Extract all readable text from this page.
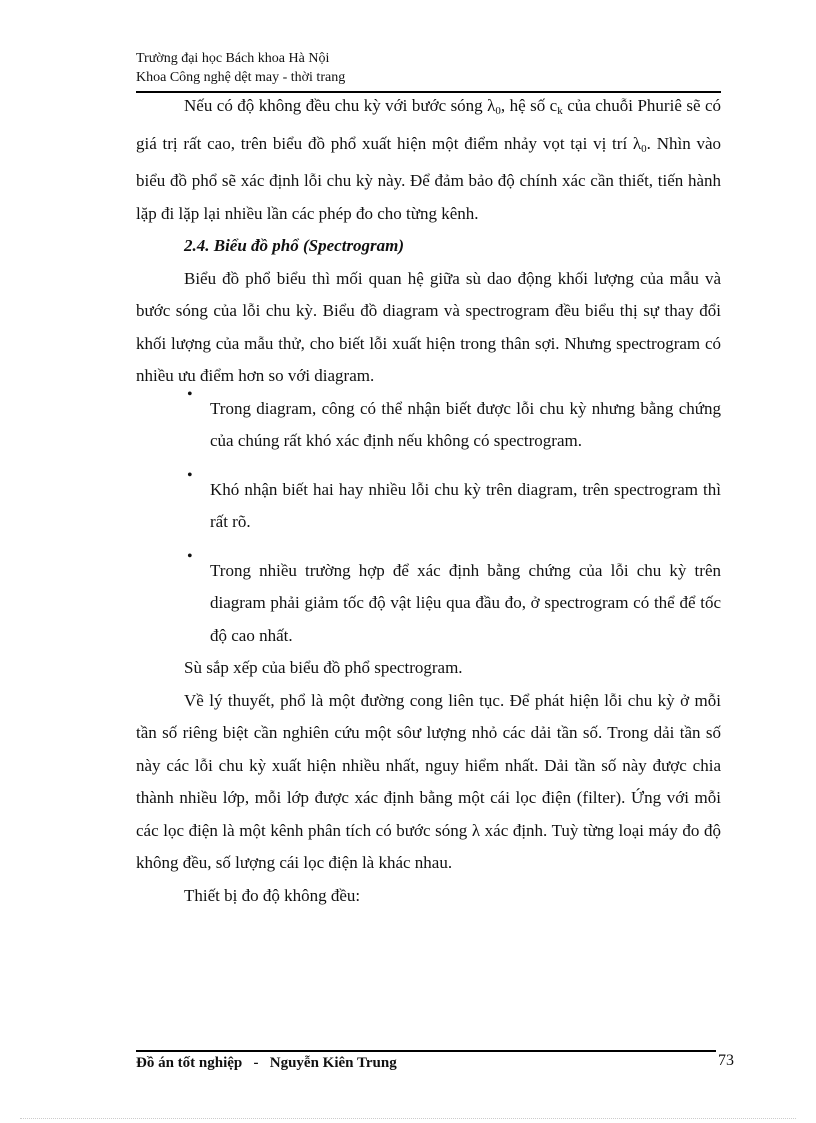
Trường đại học Bách khoa Hà Nội
Khoa Công nghệ dệt may - thời trang

Nếu có độ không đều chu kỳ với bước sóng $\lambda_0$, hệ số $c_k$ của chuỗi Phuriê sẽ có giá trị rất cao, trên biểu đồ phổ xuất hiện một điểm nhảy vọt tại vị trí $\lambda_0$. Nhìn vào biểu đồ phổ sẽ xác định lỗi chu kỳ này. Để đảm bảo độ chính xác cần thiết, tiến hành lặp đi lặp lại nhiều lần các phép đo cho từng kênh.

2.4. Biểu đồ phổ (Spectrogram)

Biểu đồ phổ biểu thì mối quan hệ giữa sù dao động khối lượng của mẫu và bước sóng của lỗi chu kỳ. Biểu đồ diagram và spectrogram đều biểu thị sự thay đổi khối lượng của mẫu thử, cho biết lỗi xuất hiện trong thân sợi. Nhưng spectrogram có nhiều ưu điểm hơn so với diagram.

•
Trong diagram, công có thể nhận biết được lỗi chu kỳ nhưng bằng chứng của chúng rất khó xác định nếu không có spectrogram.
•
Khó nhận biết hai hay nhiều lỗi chu kỳ trên diagram, trên spectrogram thì rất rõ.
•
Trong nhiều trường hợp để xác định bằng chứng của lỗi chu kỳ trên diagram phải giảm tốc độ vật liệu qua đầu đo, ở spectrogram có thể để tốc độ cao nhất.

Sù sắp xếp của biểu đồ phổ spectrogram.

Về lý thuyết, phổ là một đường cong liên tục. Để phát hiện lỗi chu kỳ ở mỗi tần số riêng biệt cần nghiên cứu một sôư lượng nhỏ các dải tần số. Trong dải tần số này các lỗi chu kỳ xuất hiện nhiều nhất, nguy hiểm nhất. Dải tần số này được chia thành nhiều lớp, mỗi lớp được xác định bằng một cái lọc điện (filter). Ứng với mỗi các lọc điện là một kênh phân tích có bước sóng λ xác định. Tuỳ từng loại máy đo độ không đều, số lượng cái lọc điện là khác nhau.

Thiết bị đo độ không đều:

Đồ án tốt nghiệp   -   Nguyễn Kiên Trung	73
